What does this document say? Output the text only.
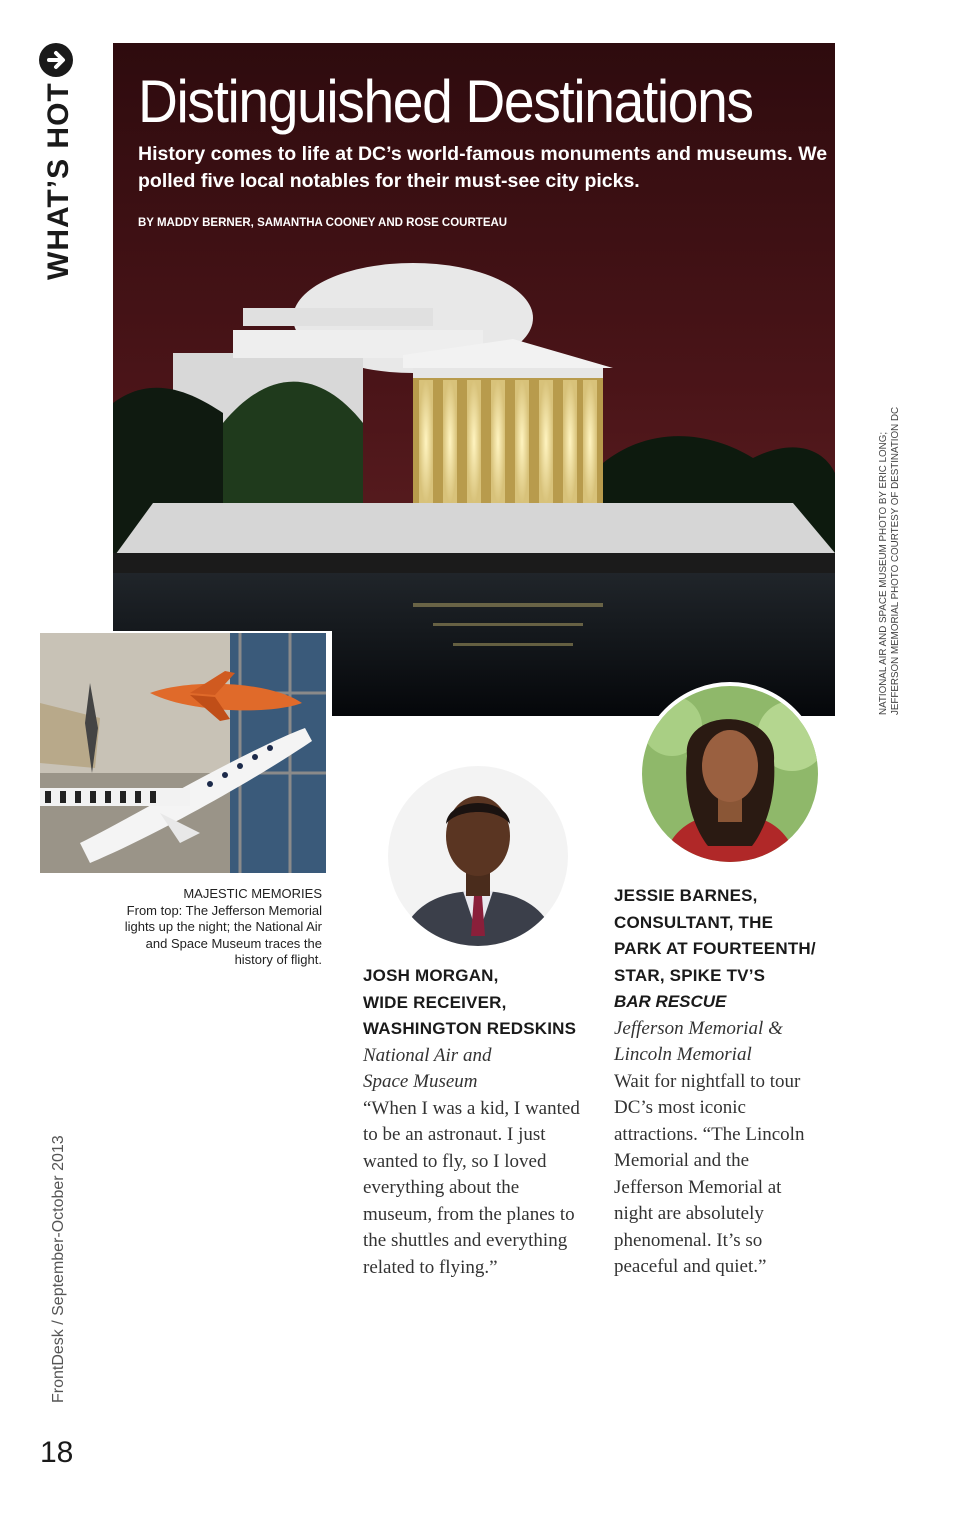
WHAT’S HOT Distinguished Destinations

History comes to life at DC’s world-famous monuments and museums. We polled five local notables for their must-see city picks.

BY MADDY BERNER, SAMANTHA COONEY AND ROSE COURTEAU
NATIONAL AIR AND SPACE MUSEUM PHOTO BY ERIC LONG; JEFFERSON MEMORIAL PHOTO COURTESY OF DESTINATION DC
MAJESTIC MEMORIES
From top: The Jefferson Memorial lights up the night; the National Air and Space Museum traces the history of flight.
JOSH MORGAN,
WIDE RECEIVER,
WASHINGTON REDSKINS
National Air and
Space Museum
“When I was a kid, I wanted to be an astronaut. I just wanted to fly, so I loved everything about the museum, from the planes to the shuttles and everything related to flying.”
JESSIE BARNES,
CONSULTANT, THE
PARK AT FOURTEENTH/
STAR, SPIKE TV’S
BAR RESCUE
Jefferson Memorial &
Lincoln Memorial
Wait for nightfall to tour DC’s most iconic attractions. “The Lincoln Memorial and the Jefferson Memorial at night are absolutely phenomenal. It’s so peaceful and quiet.”
FrontDesk / September-October 2013
18
